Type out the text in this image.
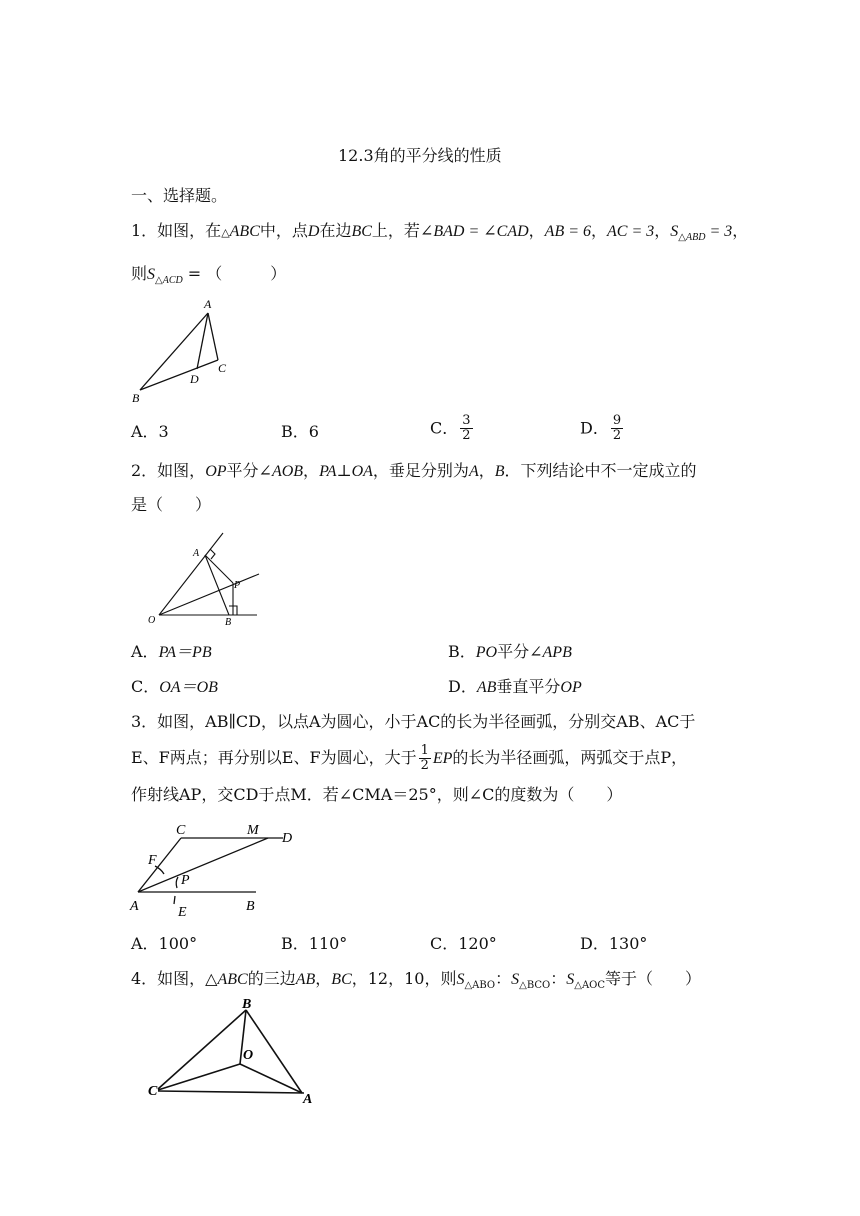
12.3角的平分线的性质
一、选择题。
1．如图，在△ABC中，点D在边BC上，若∠BAD = ∠CAD，AB = 6，AC = 3，$S_{\triangle ABD} = 3$，
则$S_{\triangle ACD}$ = （　　　）
A
B
C
D
A．3	B．6	C． $\frac{3}{2}$	D． $\frac{9}{2}$
2．如图，OP平分∠AOB，PA⊥OA，垂足分别为A，B．下列结论中不一定成立的
是（　　）
O
A
B
P
A．PA＝PB	B．PO平分∠APB
C．OA＝OB	D．AB垂直平分OP
3．如图，AB∥CD，以点A为圆心，小于AC的长为半径画弧，分别交AB、AC于
E、F两点；再分别以E、F为圆心，大于 $\frac{1}{2}$ EP的长为半径画弧，两弧交于点P，
作射线AP，交CD于点M．若∠CMA＝25°，则∠C的度数为（　　）
C	M
D
F
P
A	E	B
A．100°	B．110°	C．120°	D．130°
4．如图，△ABC的三边AB，BC，12，10，则$S_{\triangle ABO}$：$S_{\triangle BCO}$：$S_{\triangle AOC}$等于（　　）
B
O
C
A
